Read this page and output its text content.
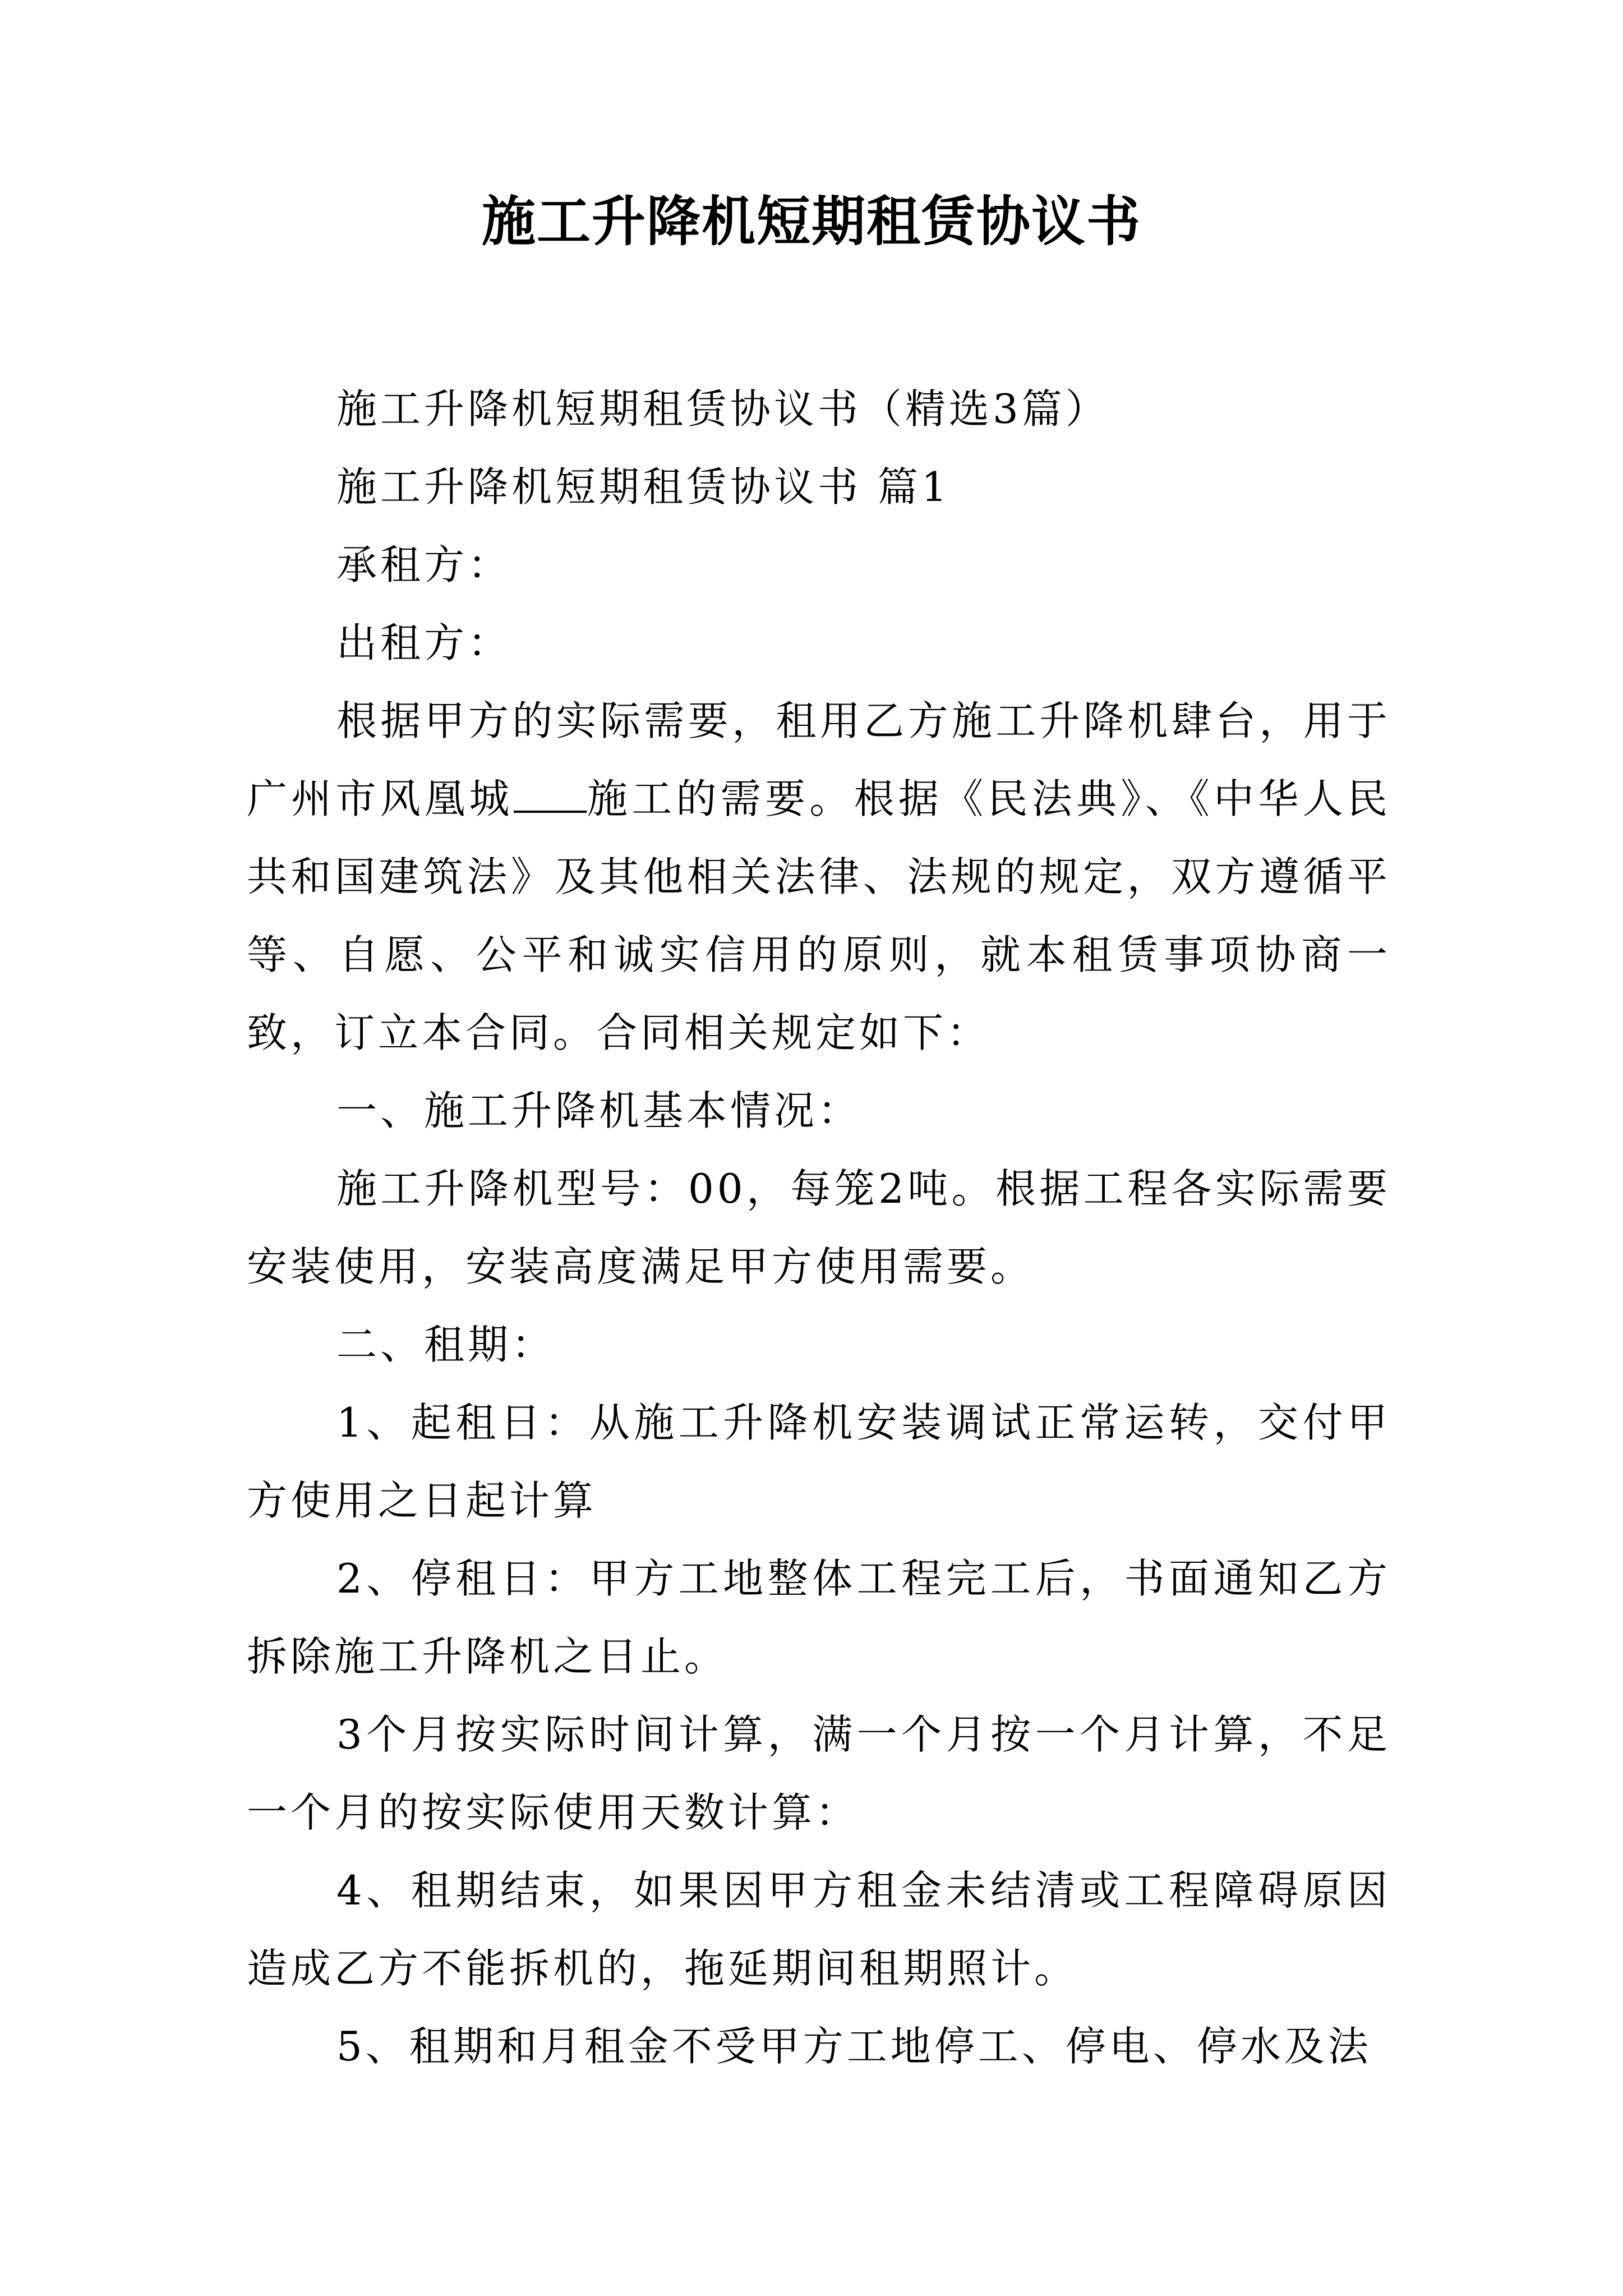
施工升降机短期租赁协议书

施工升降机短期租赁协议书（精选3篇）

施工升降机短期租赁协议书 篇1

承租方：

出租方：

根据甲方的实际需要，租用乙方施工升降机肆台，用于广州市风凰城 施工的需要。根据《民法典》、《中华人民共和国建筑法》及其他相关法律、法规的规定，双方遵循平等、自愿、公平和诚实信用的原则，就本租赁事项协商一致，订立本合同。合同相关规定如下：

一、施工升降机基本情况：

施工升降机型号：00，每笼2吨。根据工程各实际需要安装使用，安装高度满足甲方使用需要。

二、租期：

1、起租日：从施工升降机安装调试正常运转，交付甲方使用之日起计算

2、停租日：甲方工地整体工程完工后，书面通知乙方拆除施工升降机之日止。

3个月按实际时间计算，满一个月按一个月计算，不足一个月的按实际使用天数计算：

4、租期结束，如果因甲方租金未结清或工程障碍原因造成乙方不能拆机的，拖延期间租期照计。

5、租期和月租金不受甲方工地停工、停电、停水及法
